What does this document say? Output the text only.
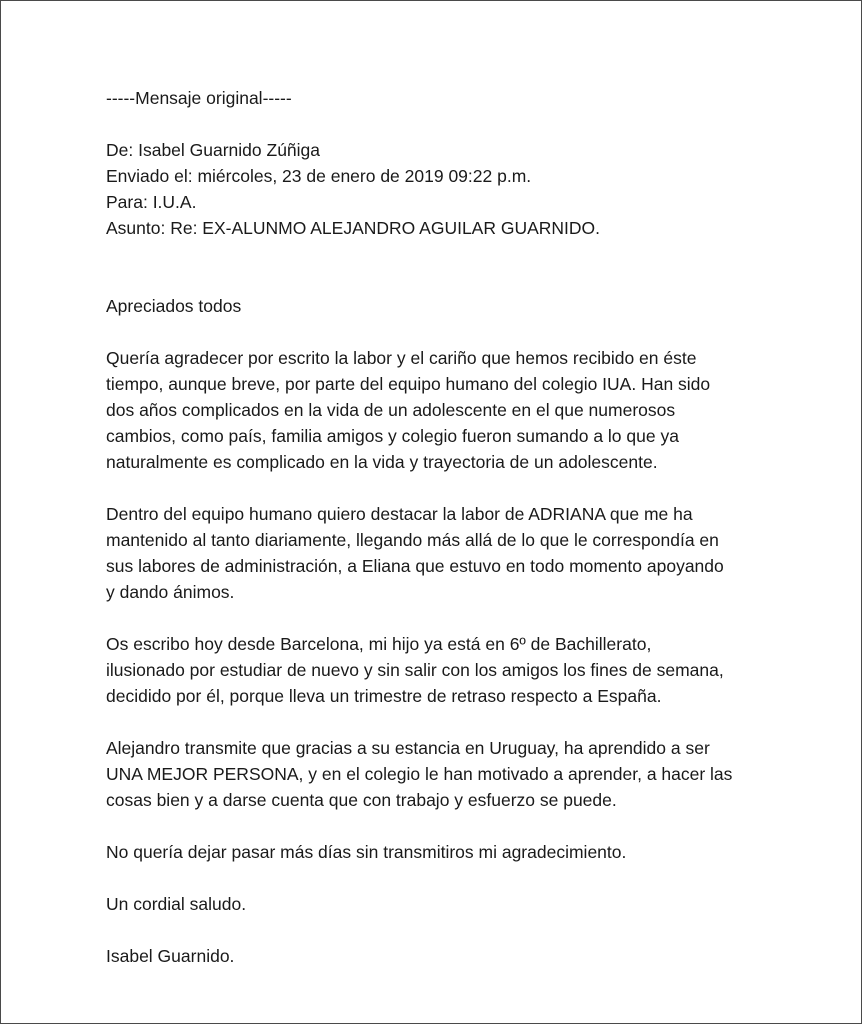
-----Mensaje original-----
De: Isabel Guarnido Zúñiga
Enviado el: miércoles, 23 de enero de 2019 09:22 p.m.
Para: I.U.A.
Asunto: Re: EX-ALUNMO ALEJANDRO AGUILAR GUARNIDO.
Apreciados todos
Quería agradecer por escrito la labor y el cariño que hemos recibido en éste
tiempo, aunque breve, por parte del equipo humano del colegio IUA. Han sido
dos años complicados en la vida de un adolescente en el que numerosos
cambios, como país, familia amigos y colegio fueron sumando a lo que ya
naturalmente es complicado en la vida y trayectoria de un adolescente.
Dentro del equipo humano quiero destacar la labor de ADRIANA que me ha
mantenido al tanto diariamente, llegando más allá de lo que le correspondía en
sus labores de administración, a Eliana que estuvo en todo momento apoyando
y dando ánimos.
Os escribo hoy desde Barcelona, mi hijo ya está en 6º de Bachillerato,
ilusionado por estudiar de nuevo y sin salir con los amigos los fines de semana,
decidido por él, porque lleva un trimestre de retraso respecto a España.
Alejandro transmite que gracias a su estancia en Uruguay, ha aprendido a ser
UNA MEJOR PERSONA, y en el colegio le han motivado a aprender, a hacer las
cosas bien y a darse cuenta que con trabajo y esfuerzo se puede.
No quería dejar pasar más días sin transmitiros mi agradecimiento.
Un cordial saludo.
Isabel Guarnido.
